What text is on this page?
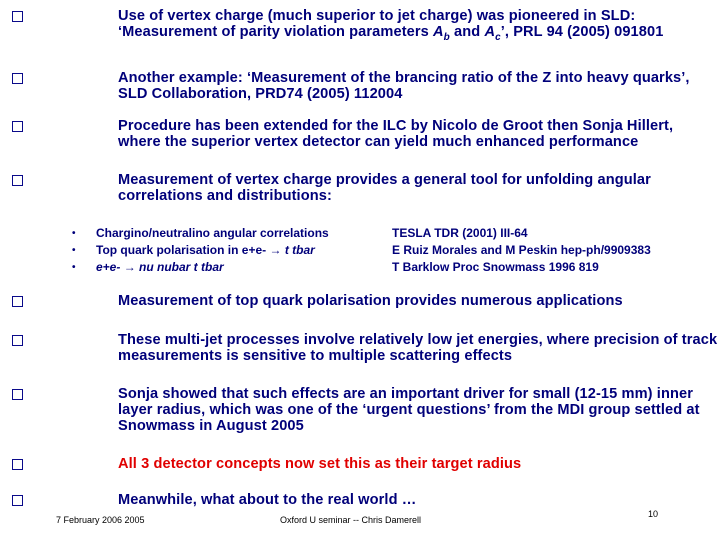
Use of vertex charge (much superior to jet charge) was pioneered in SLD:
‘Measurement of parity violation parameters $A_b$ and $A_c$’, PRL 94 (2005) 091801
Another example: ‘Measurement of the brancing ratio of the Z into heavy quarks’,
SLD Collaboration, PRD74 (2005) 112004
Procedure has been extended for the ILC by Nicolo de Groot then Sonja Hillert,
where the superior vertex detector can yield much enhanced performance
Measurement of vertex charge provides a general tool for unfolding angular
correlations and distributions:
• Chargino/neutralino angular correlations	TESLA TDR (2001) III-64
• Top quark polarisation in e+e- → t tbar	E Ruiz Morales and M Peskin hep-ph/9909383
• e+e- → nu nubar t tbar	T Barklow Proc Snowmass 1996 819
Measurement of top quark polarisation provides numerous applications
These multi-jet processes involve relatively low jet energies, where precision of track
measurements is sensitive to multiple scattering effects
Sonja showed that such effects are an important driver for small (12-15 mm) inner
layer radius, which was one of the ‘urgent questions’ from the MDI group settled at
Snowmass in August 2005
All 3 detector concepts now set this as their target radius
Meanwhile, what about to the real world …
7 February 2006 2005	Oxford U seminar -- Chris Damerell
10
